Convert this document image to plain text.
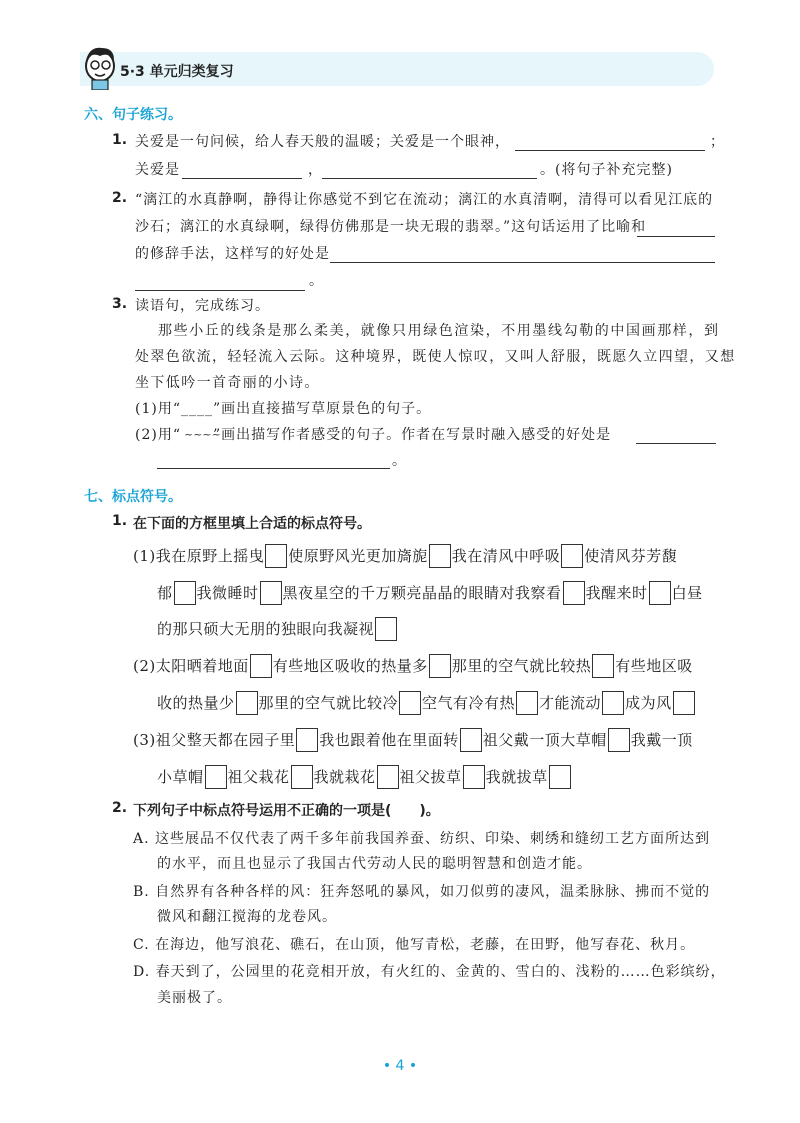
5·3 单元归类复习
六、句子练习。
1. 关爱是一句问候，给人春天般的温暖；关爱是一个眼神，	；
关爱是	，	。(将句子补充完整)
2. “漓江的水真静啊，静得让你感觉不到它在流动；漓江的水真清啊，清得可以看见江底的
沙石；漓江的水真绿啊，绿得仿佛那是一块无瑕的翡翠。”这句话运用了比喻和
的修辞手法，这样写的好处是
。
3. 读语句，完成练习。
那些小丘的线条是那么柔美，就像只用绿色渲染，不用墨线勾勒的中国画那样，到
处翠色欲流，轻轻流入云际。这种境界，既使人惊叹，又叫人舒服，既愿久立四望，又想
坐下低吟一首奇丽的小诗。
(1)用“____”画出直接描写草原景色的句子。
(2)用“ ~~~~
”画出描写作者感受的句子。作者在写景时融入感受的好处是
。
七、标点符号。
1. 在下面的方框里填上合适的标点符号。
(1)我在原野上摇曳 使原野风光更加旖旎 我在清风中呼吸 使清风芬芳馥
郁 我微睡时 黑夜星空的千万颗亮晶晶的眼睛对我察看 我醒来时 白昼
的那只硕大无朋的独眼向我凝视
(2)太阳晒着地面 有些地区吸收的热量多 那里的空气就比较热 有些地区吸
收的热量少 那里的空气就比较冷 空气有冷有热 才能流动 成为风
(3)祖父整天都在园子里 我也跟着他在里面转 祖父戴一顶大草帽 我戴一顶
小草帽 祖父栽花 我就栽花 祖父拔草 我就拔草
2. 下列句子中标点符号运用不正确的一项是(　　)。
A. 这些展品不仅代表了两千多年前我国养蚕、纺织、印染、刺绣和缝纫工艺方面所达到
的水平，而且也显示了我国古代劳动人民的聪明智慧和创造才能。
B. 自然界有各种各样的风：狂奔怒吼的暴风，如刀似剪的凄风，温柔脉脉、拂而不觉的
微风和翻江搅海的龙卷风。
C. 在海边，他写浪花、礁石，在山顶，他写青松，老藤，在田野，他写春花、秋月。
D. 春天到了，公园里的花竞相开放，有火红的、金黄的、雪白的、浅粉的……色彩缤纷，
美丽极了。
• 4 •
